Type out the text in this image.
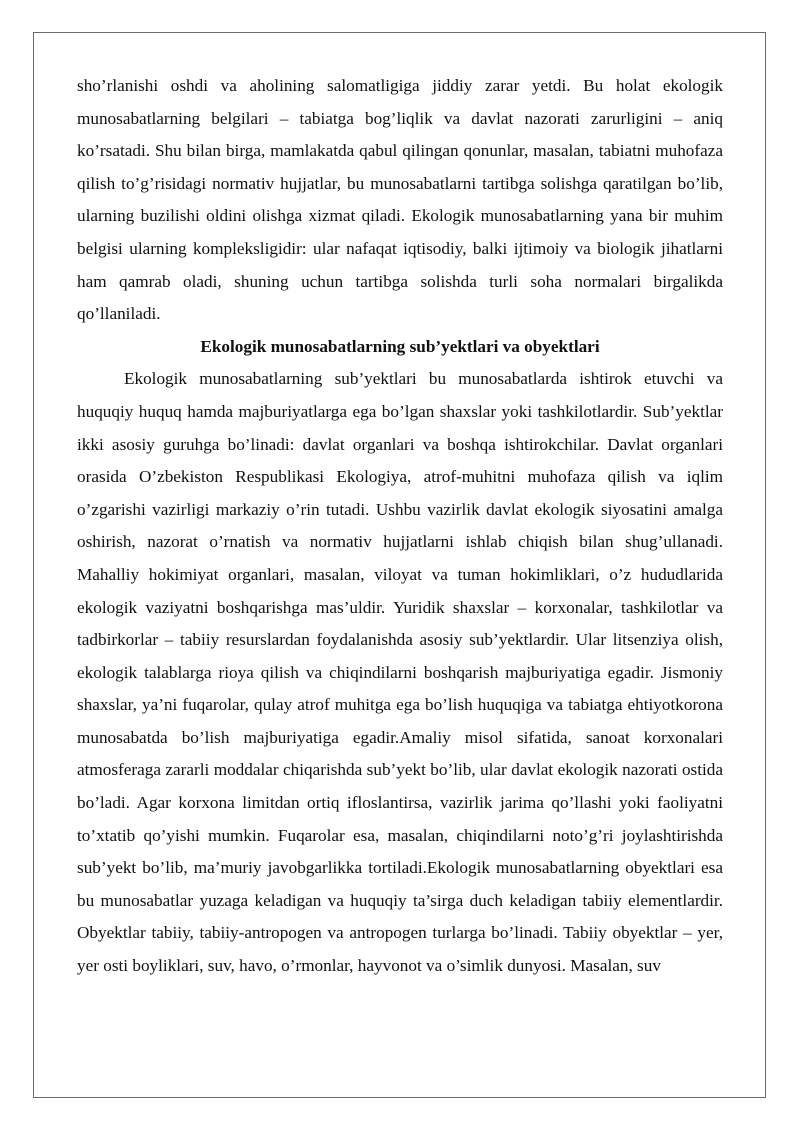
sho’rlanishi oshdi va aholining salomatligiga jiddiy zarar yetdi. Bu holat ekologik munosabatlarning belgilari – tabiatga bog’liqlik va davlat nazorati zarurligini – aniq ko’rsatadi. Shu bilan birga, mamlakatda qabul qilingan qonunlar, masalan, tabiatni muhofaza qilish to’g’risidagi normativ hujjatlar, bu munosabatlarni tartibga solishga qaratilgan bo’lib, ularning buzilishi oldini olishga xizmat qiladi. Ekologik munosabatlarning yana bir muhim belgisi ularning kompleksligidir: ular nafaqat iqtisodiy, balki ijtimoiy va biologik jihatlarni ham qamrab oladi, shuning uchun tartibga solishda turli soha normalari birgalikda qo’llaniladi.

Ekologik munosabatlarning sub’yektlari va obyektlari

Ekologik munosabatlarning sub’yektlari bu munosabatlarda ishtirok etuvchi va huquqiy huquq hamda majburiyatlarga ega bo’lgan shaxslar yoki tashkilotlardir. Sub’yektlar ikki asosiy guruhga bo’linadi: davlat organlari va boshqa ishtirokchilar. Davlat organlari orasida O’zbekiston Respublikasi Ekologiya, atrof-muhitni muhofaza qilish va iqlim o’zgarishi vazirligi markaziy o’rin tutadi. Ushbu vazirlik davlat ekologik siyosatini amalga oshirish, nazorat o’rnatish va normativ hujjatlarni ishlab chiqish bilan shug’ullanadi. Mahalliy hokimiyat organlari, masalan, viloyat va tuman hokimliklari, o’z hududlarida ekologik vaziyatni boshqarishga mas’uldir. Yuridik shaxslar – korxonalar, tashkilotlar va tadbirkorlar – tabiiy resurslardan foydalanishda asosiy sub’yektlardir. Ular litsenziya olish, ekologik talablarga rioya qilish va chiqindilarni boshqarish majburiyatiga egadir. Jismoniy shaxslar, ya’ni fuqarolar, qulay atrof muhitga ega bo’lish huquqiga va tabiatga ehtiyotkorona munosabatda bo’lish majburiyatiga egadir.Amaliy misol sifatida, sanoat korxonalari atmosferaga zararli moddalar chiqarishda sub’yekt bo’lib, ular davlat ekologik nazorati ostida bo’ladi. Agar korxona limitdan ortiq ifloslantirsa, vazirlik jarima qo’llashi yoki faoliyatni to’xtatib qo’yishi mumkin. Fuqarolar esa, masalan, chiqindilarni noto’g’ri joylashtirishda sub’yekt bo’lib, ma’muriy javobgarlikka tortiladi.Ekologik munosabatlarning obyektlari esa bu munosabatlar yuzaga keladigan va huquqiy ta’sirga duch keladigan tabiiy elementlardir. Obyektlar tabiiy, tabiiy-antropogen va antropogen turlarga bo’linadi. Tabiiy obyektlar – yer, yer osti boyliklari, suv, havo, o’rmonlar, hayvonot va o’simlik dunyosi. Masalan, suv
